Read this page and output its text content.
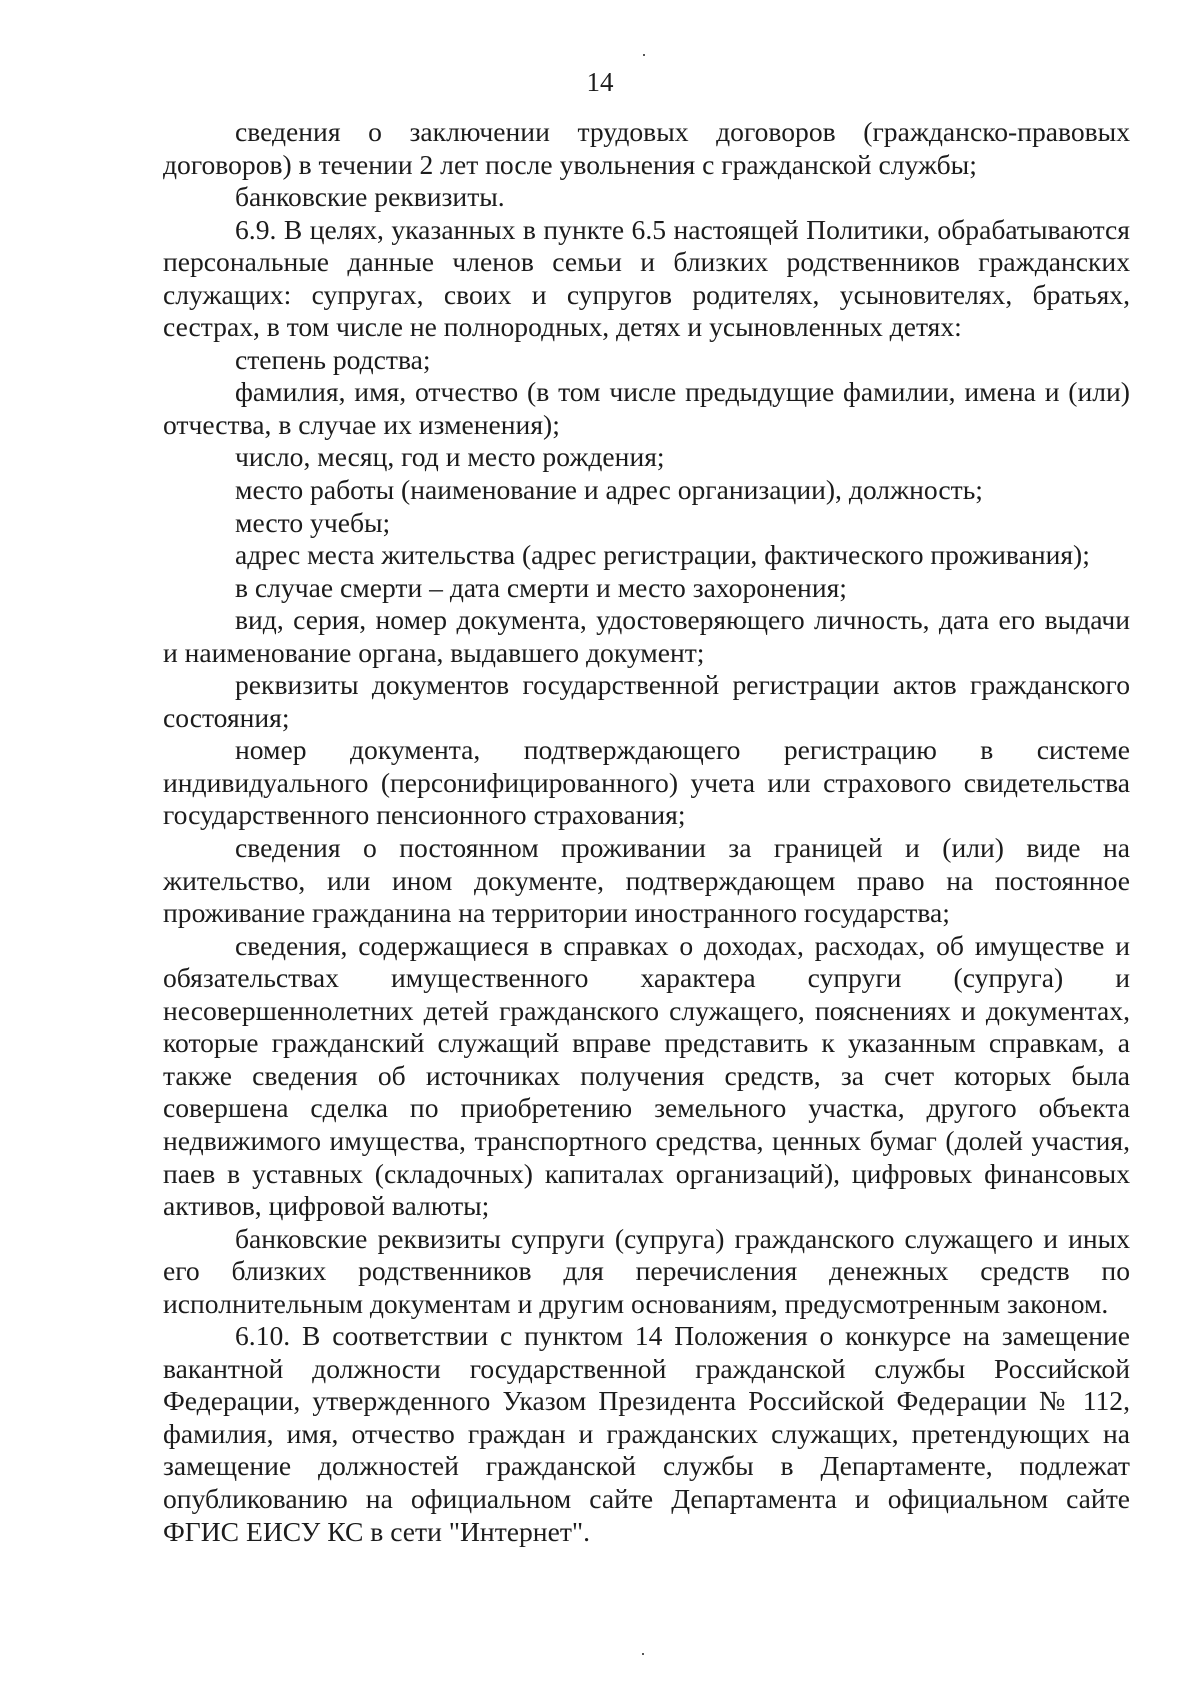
14

сведения о заключении трудовых договоров (гражданско-правовых договоров) в течении 2 лет после увольнения с гражданской службы;

банковские реквизиты.

6.9. В целях, указанных в пункте 6.5 настоящей Политики, обрабатываются персональные данные членов семьи и близких родственников гражданских служащих: супругах, своих и супругов родителях, усыновителях, братьях, сестрах, в том числе не полнородных, детях и усыновленных детях:

степень родства;

фамилия, имя, отчество (в том числе предыдущие фамилии, имена и (или) отчества, в случае их изменения);

число, месяц, год и место рождения;

место работы (наименование и адрес организации), должность;

место учебы;

адрес места жительства (адрес регистрации, фактического проживания);

в случае смерти – дата смерти и место захоронения;

вид, серия, номер документа, удостоверяющего личность, дата его выдачи и наименование органа, выдавшего документ;

реквизиты документов государственной регистрации актов гражданского состояния;

номер документа, подтверждающего регистрацию в системе индивидуального (персонифицированного) учета или страхового свидетельства государственного пенсионного страхования;

сведения о постоянном проживании за границей и (или) виде на жительство, или ином документе, подтверждающем право на постоянное проживание гражданина на территории иностранного государства;

сведения, содержащиеся в справках о доходах, расходах, об имуществе и обязательствах имущественного характера супруги (супруга) и несовершеннолетних детей гражданского служащего, пояснениях и документах, которые гражданский служащий вправе представить к указанным справкам, а также сведения об источниках получения средств, за счет которых была совершена сделка по приобретению земельного участка, другого объекта недвижимого имущества, транспортного средства, ценных бумаг (долей участия, паев в уставных (складочных) капиталах организаций), цифровых финансовых активов, цифровой валюты;

банковские реквизиты супруги (супруга) гражданского служащего и иных его близких родственников для перечисления денежных средств по исполнительным документам и другим основаниям, предусмотренным законом.

6.10. В соответствии с пунктом 14 Положения о конкурсе на замещение вакантной должности государственной гражданской службы Российской Федерации, утвержденного Указом Президента Российской Федерации № 112, фамилия, имя, отчество граждан и гражданских служащих, претендующих на замещение должностей гражданской службы в Департаменте, подлежат опубликованию на официальном сайте Департамента и официальном сайте ФГИС ЕИСУ КС в сети "Интернет".
